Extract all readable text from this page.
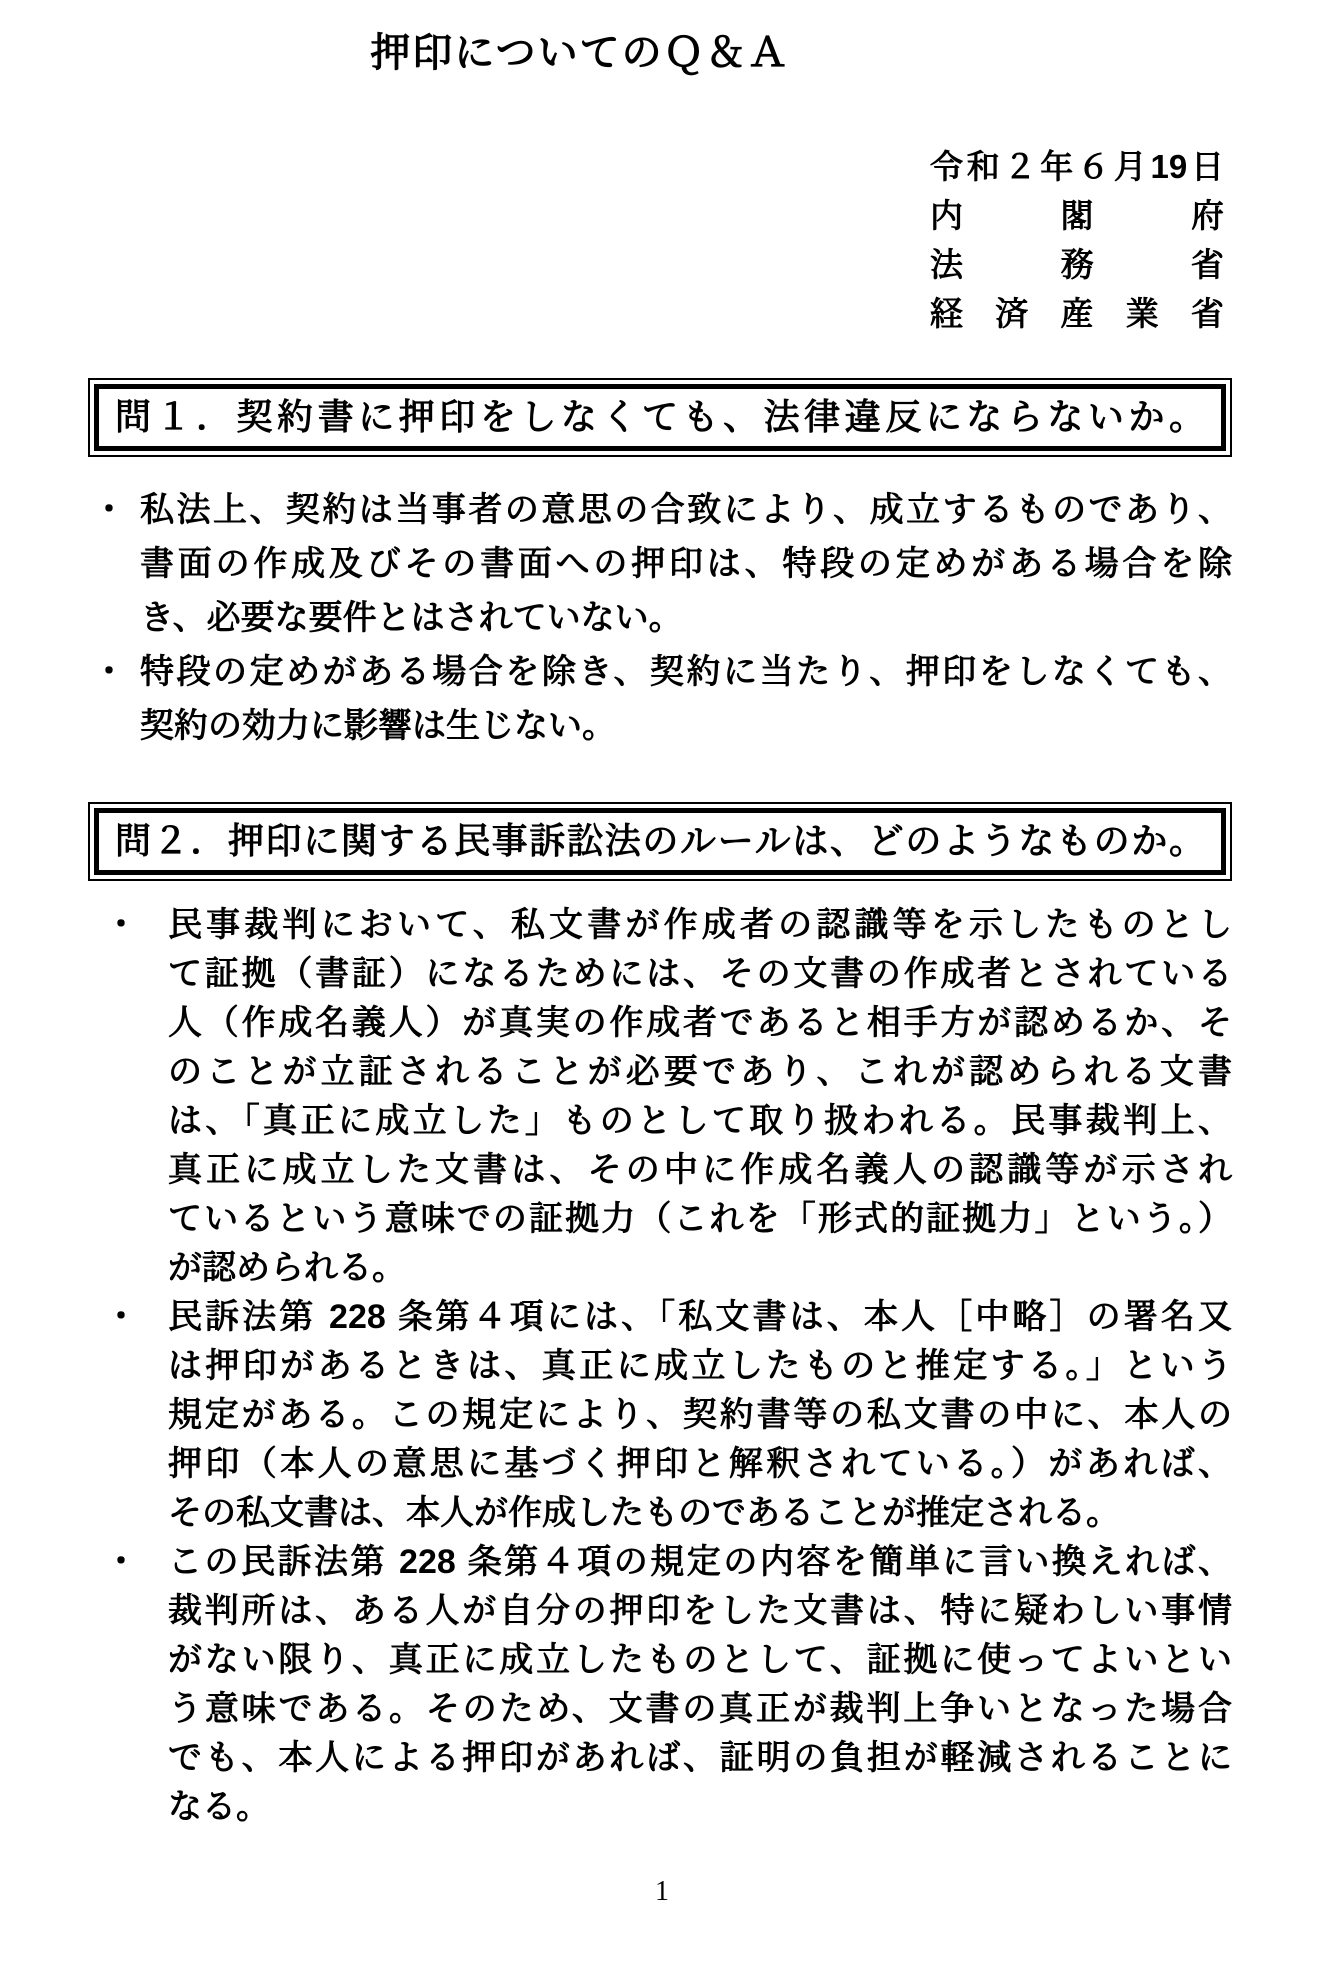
押印についてのＱ＆Ａ
令 和 ２ 年 ６ 月 19 日
内	閣	府
法	務	省
経 済 産 業 省
問１．契約書に押印をしなくても、法律違反にならないか。
・ 私法上、契約は当事者の意思の合致により、成立するものであり、
書面の作成及びその書面への押印は、特段の定めがある場合を除
き、必要な要件とはされていない。
・ 特段の定めがある場合を除き、契約に当たり、押印をしなくても、
契約の効力に影響は生じない。
問２．押印に関する民事訴訟法のルールは、どのようなものか。
・ 民事裁判において、私文書が作成者の認識等を示したものとし
て証拠（書証）になるためには、その文書の作成者とされている
人（作成名義人）が真実の作成者であると相手方が認めるか、そ
のことが立証されることが必要であり、これが認められる文書
は、「真正に成立した」ものとして取り扱われる。民事裁判上、
真正に成立した文書は、その中に作成名義人の認識等が示され
ているという意味での証拠力（これを「形式的証拠力」という。）
が認められる。
・ 民訴法第 228 条第４項には、「私文書は、本人［中略］の署名又
は押印があるときは、真正に成立したものと推定する。」という
規定がある。この規定により、契約書等の私文書の中に、本人の
押印（本人の意思に基づく押印と解釈されている。）があれば、
その私文書は、本人が作成したものであることが推定される。
・ この民訴法第 228 条第４項の規定の内容を簡単に言い換えれば、
裁判所は、ある人が自分の押印をした文書は、特に疑わしい事情
がない限り、真正に成立したものとして、証拠に使ってよいとい
う意味である。そのため、文書の真正が裁判上争いとなった場合
でも、本人による押印があれば、証明の負担が軽減されることに
なる。
1
